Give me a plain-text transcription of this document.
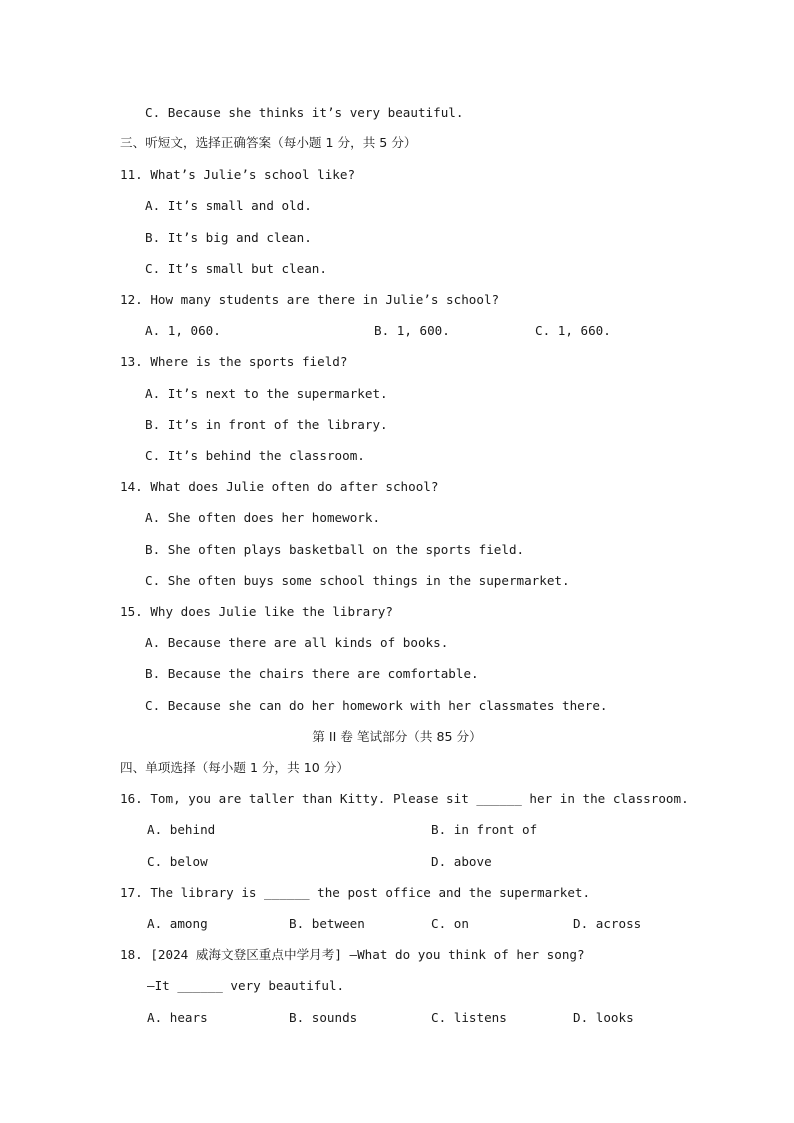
C. Because she thinks it’s very beautiful.
三、听短文，选择正确答案（每小题 1 分，共 5 分）
11. What’s Julie’s school like?
A. It’s small and old.
B. It’s big and clean.
C. It’s small but clean.
12. How many students are there in Julie’s school?
A. 1, 060.	B. 1, 600.	C. 1, 660.
13. Where is the sports field?
A. It’s next to the supermarket.
B. It’s in front of the library.
C. It’s behind the classroom.
14. What does Julie often do after school?
A. She often does her homework.
B. She often plays basketball on the sports field.
C. She often buys some school things in the supermarket.
15. Why does Julie like the library?
A. Because there are all kinds of books.
B. Because the chairs there are comfortable.
C. Because she can do her homework with her classmates there.
第 II 卷 笔试部分（共 85 分）
四、单项选择（每小题 1 分，共 10 分）
16. Tom, you are taller than Kitty. Please sit ______ her in the classroom.
A. behind	B. in front of
C. below	D. above
17. The library is ______ the post office and the supermarket.
A. among	B. between	C. on	D. across
18. [2024 威海文登区重点中学月考] —What do you think of her song?
—It ______ very beautiful.
A. hears	B. sounds	C. listens	D. looks
